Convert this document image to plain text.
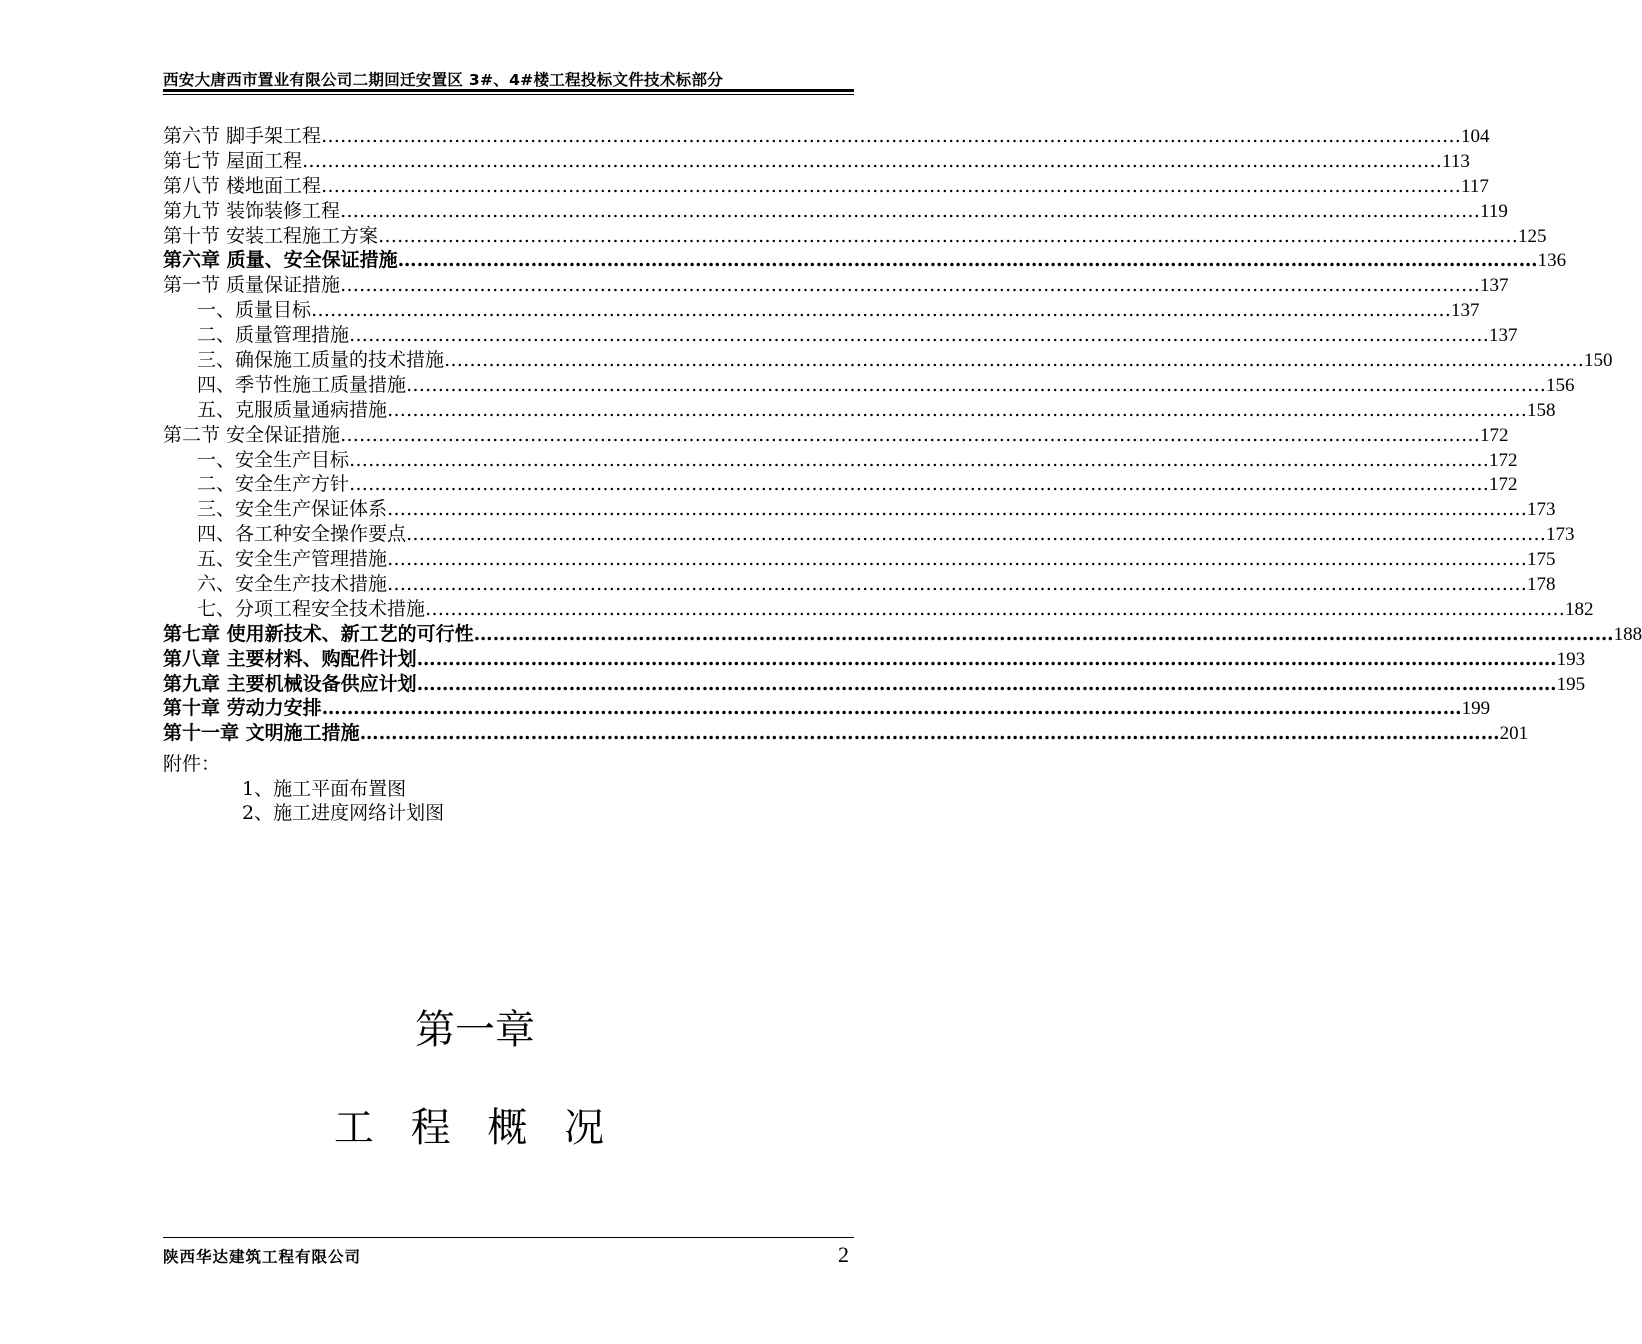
西安大唐西市置业有限公司二期回迁安置区 3#、4#楼工程投标文件技术标部分
第六节 脚手架工程 ……………………………………………………………………………………………………………………………………………………………… 104
第七节 屋面工程 ……………………………………………………………………………………………………………………………………………………………… 113
第八节 楼地面工程 ……………………………………………………………………………………………………………………………………………………………… 117
第九节 装饰装修工程 ……………………………………………………………………………………………………………………………………………………………… 119
第十节 安装工程施工方案 ……………………………………………………………………………………………………………………………………………………………… 125
第六章 质量、安全保证措施 ……………………………………………………………………………………………………………………………………………………………… 136
第一节 质量保证措施 ……………………………………………………………………………………………………………………………………………………………… 137
一、质量目标 ……………………………………………………………………………………………………………………………………………………………… 137
二、质量管理措施 ……………………………………………………………………………………………………………………………………………………………… 137
三、确保施工质量的技术措施 ……………………………………………………………………………………………………………………………………………………………… 150
四、季节性施工质量措施 ……………………………………………………………………………………………………………………………………………………………… 156
五、克服质量通病措施 ……………………………………………………………………………………………………………………………………………………………… 158
第二节 安全保证措施 ……………………………………………………………………………………………………………………………………………………………… 172
一、安全生产目标 ……………………………………………………………………………………………………………………………………………………………… 172
二、安全生产方针 ……………………………………………………………………………………………………………………………………………………………… 172
三、安全生产保证体系 ……………………………………………………………………………………………………………………………………………………………… 173
四、各工种安全操作要点 ……………………………………………………………………………………………………………………………………………………………… 173
五、安全生产管理措施 ……………………………………………………………………………………………………………………………………………………………… 175
六、安全生产技术措施 ……………………………………………………………………………………………………………………………………………………………… 178
七、分项工程安全技术措施 ……………………………………………………………………………………………………………………………………………………………… 182
第七章 使用新技术、新工艺的可行性 ……………………………………………………………………………………………………………………………………………………………… 188
第八章 主要材料、购配件计划 ……………………………………………………………………………………………………………………………………………………………… 193
第九章 主要机械设备供应计划 ……………………………………………………………………………………………………………………………………………………………… 195
第十章 劳动力安排 ……………………………………………………………………………………………………………………………………………………………… 199
第十一章 文明施工措施 ……………………………………………………………………………………………………………………………………………………………… 201
附件：
1、施工平面布置图
2、施工进度网络计划图
第一章
工 程 概 况
陕西华达建筑工程有限公司	2
